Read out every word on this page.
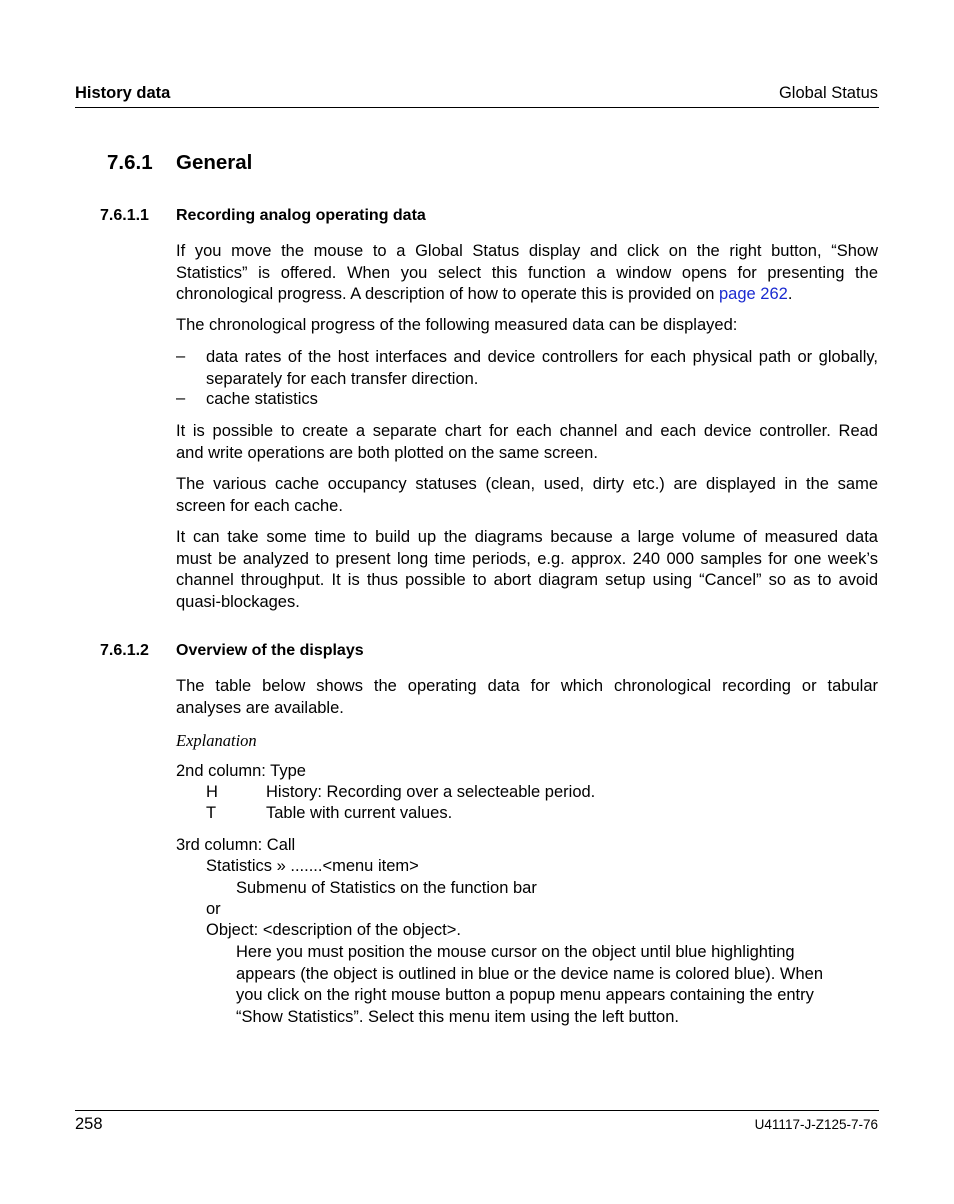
History data	Global Status
7.6.1 General
7.6.1.1 Recording analog operating data
If you move the mouse to a Global Status display and click on the right button, “Show
Statistics” is offered. When you select this function a window opens for presenting the
chronological progress. A description of how to operate this is provided on page 262.
The chronological progress of the following measured data can be displayed:
– data rates of the host interfaces and device controllers for each physical path or globally,
separately for each transfer direction.
– cache statistics
It is possible to create a separate chart for each channel and each device controller. Read
and write operations are both plotted on the same screen.
The various cache occupancy statuses (clean, used, dirty etc.) are displayed in the same
screen for each cache.
It can take some time to build up the diagrams because a large volume of measured data
must be analyzed to present long time periods, e.g. approx. 240 000 samples for one week’s
channel throughput. It is thus possible to abort diagram setup using “Cancel” so as to avoid
quasi-blockages.
7.6.1.2 Overview of the displays
The table below shows the operating data for which chronological recording or tabular
analyses are available.
Explanation
2nd column: Type
H	History: Recording over a selecteable period.
T	Table with current values.
3rd column: Call
Statistics » .......<menu item>
Submenu of Statistics on the function bar
or
Object: <description of the object>.
Here you must position the mouse cursor on the object until blue highlighting
appears (the object is outlined in blue or the device name is colored blue). When
you click on the right mouse button a popup menu appears containing the entry
“Show Statistics”. Select this menu item using the left button.
258	U41117-J-Z125-7-76
